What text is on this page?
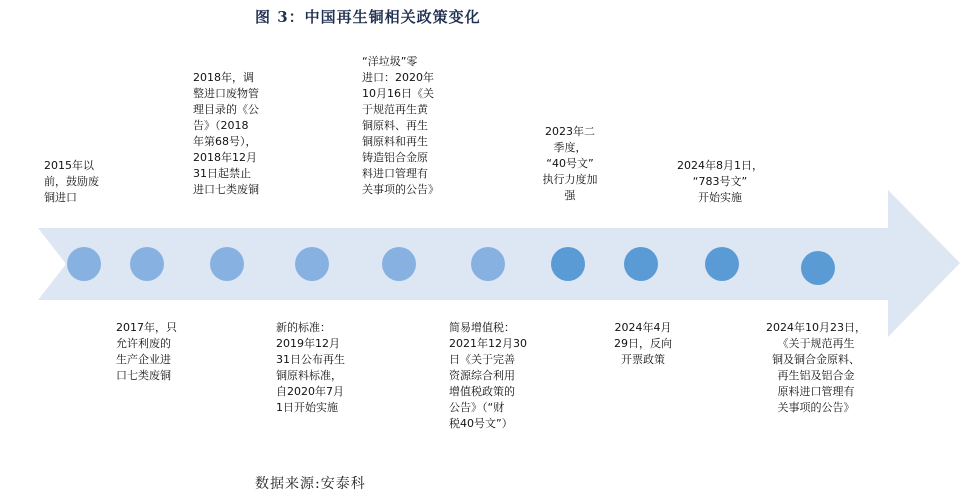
图 3：中国再生铜相关政策变化
2015年以
前，鼓励废
铜进口
2018年，调
整进口废物管
理目录的《公
告》（2018
年第68号），
2018年12月
31日起禁止
进口七类废铜
“洋垃圾”零
进口：2020年
10月16日《关
于规范再生黄
铜原料、再生
铜原料和再生
铸造铝合金原
料进口管理有
关事项的公告》
2023年二
季度，
“40号文”
执行力度加
强
2024年8月1日，
“783号文”
开始实施
2017年，只
允许利废的
生产企业进
口七类废铜
新的标准：
2019年12月
31日公布再生
铜原料标准，
自2020年7月
1日开始实施
简易增值税：
2021年12月30
日《关于完善
资源综合利用
增值税政策的
公告》（“财
税40号文”）
2024年4月
29日，反向
开票政策
2024年10月23日，
《关于规范再生
铜及铜合金原料、
再生铝及铝合金
原料进口管理有
关事项的公告》
数据来源:安泰科
